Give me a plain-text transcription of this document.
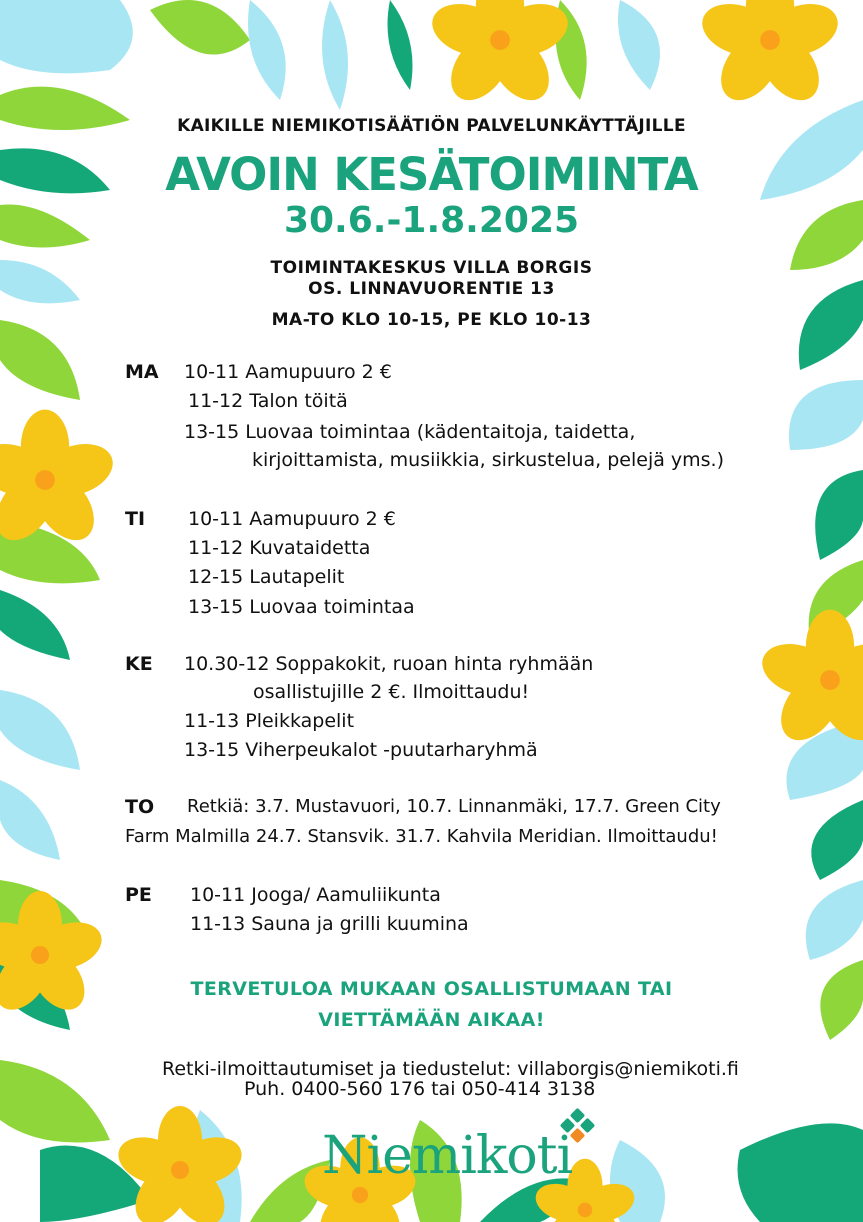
KAIKILLE NIEMIKOTISÄÄTIÖN PALVELUNKÄYTTÄJILLE
AVOIN KESÄTOIMINTA
30.6.-1.8.2025
TOIMINTAKESKUS VILLA BORGIS
OS. LINNAVUORENTIE 13
MA-TO KLO 10-15, PE KLO 10-13
MA 10-11 Aamupuuro 2 €
11-12 Talon töitä
13-15 Luovaa toimintaa (kädentaitoja, taidetta,
kirjoittamista, musiikkia, sirkustelua, pelejä yms.)
TI 10-11 Aamupuuro 2 €
11-12 Kuvataidetta
12-15 Lautapelit
13-15 Luovaa toimintaa
KE 10.30-12 Soppakokit, ruoan hinta ryhmään
osallistujille 2 €. Ilmoittaudu!
11-13 Pleikkapelit
13-15 Viherpeukalot -puutarharyhmä
TO Retkiä: 3.7. Mustavuori, 10.7. Linnanmäki, 17.7. Green City
Farm Malmilla 24.7. Stansvik. 31.7. Kahvila Meridian. Ilmoittaudu!
PE 10-11 Jooga/ Aamuliikunta
11-13 Sauna ja grilli kuumina
TERVETULOA MUKAAN OSALLISTUMAAN TAI
VIETTÄMÄÄN AIKAA!
Retki-ilmoittautumiset ja tiedustelut: villaborgis@niemikoti.fi
Puh. 0400-560 176 tai 050-414 3138
Niemikoti
